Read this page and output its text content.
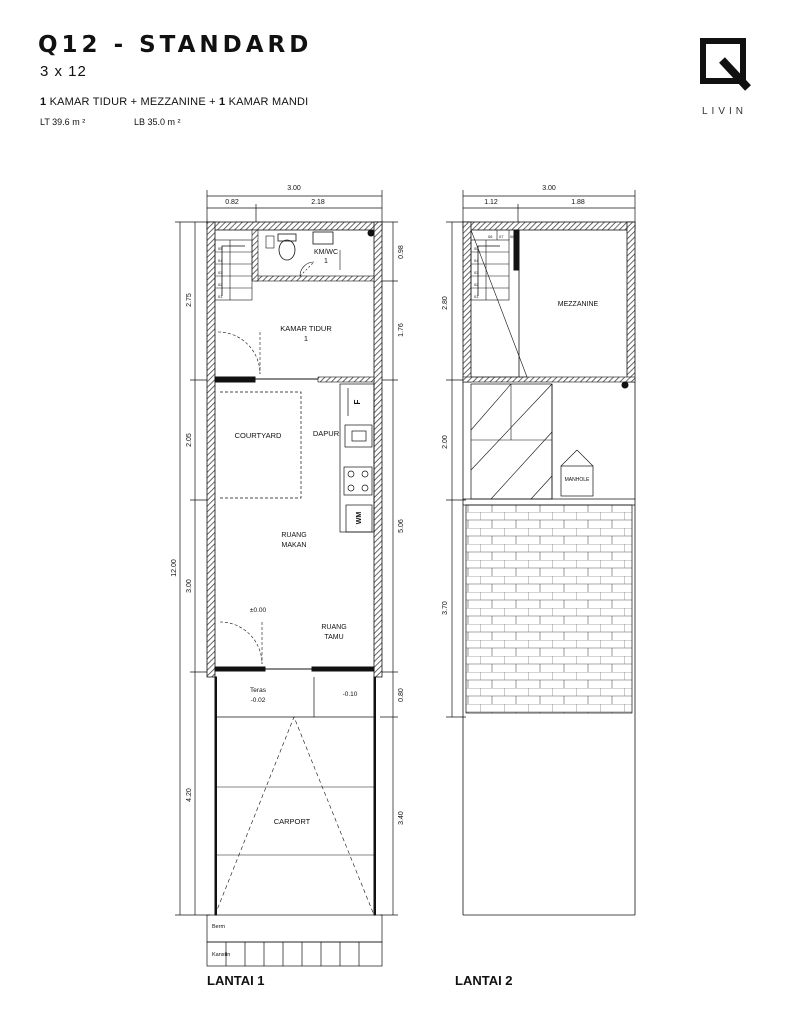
Q12 - STANDARD
3 x 12
1 KAMAR TIDUR + MEZZANINE + 1 KAMAR MANDI
LT 39.6 m ²	LB 35.0 m ²
LIVIN
LANTAI 1	LANTAI 2
3.00
0.82	2.18
12.00
2.75
2.05
3.00
4.20
0.98
1.76
5.06
0.80
3.40
KM/WC
1
KAMAR TIDUR
1
COURTYARD	DAPUR
RUANG
MAKAN
±0.00
RUANG
TAMU
Teras
-0.02
-0.10
CARPORT
Berm
Kanstin
F
WM
05
04
03
02
01
3.00
1.12	1.88
2.80
2.00
3.70
MEZZANINE
MANHOLE
05
04
03
02
01
06 07 08
